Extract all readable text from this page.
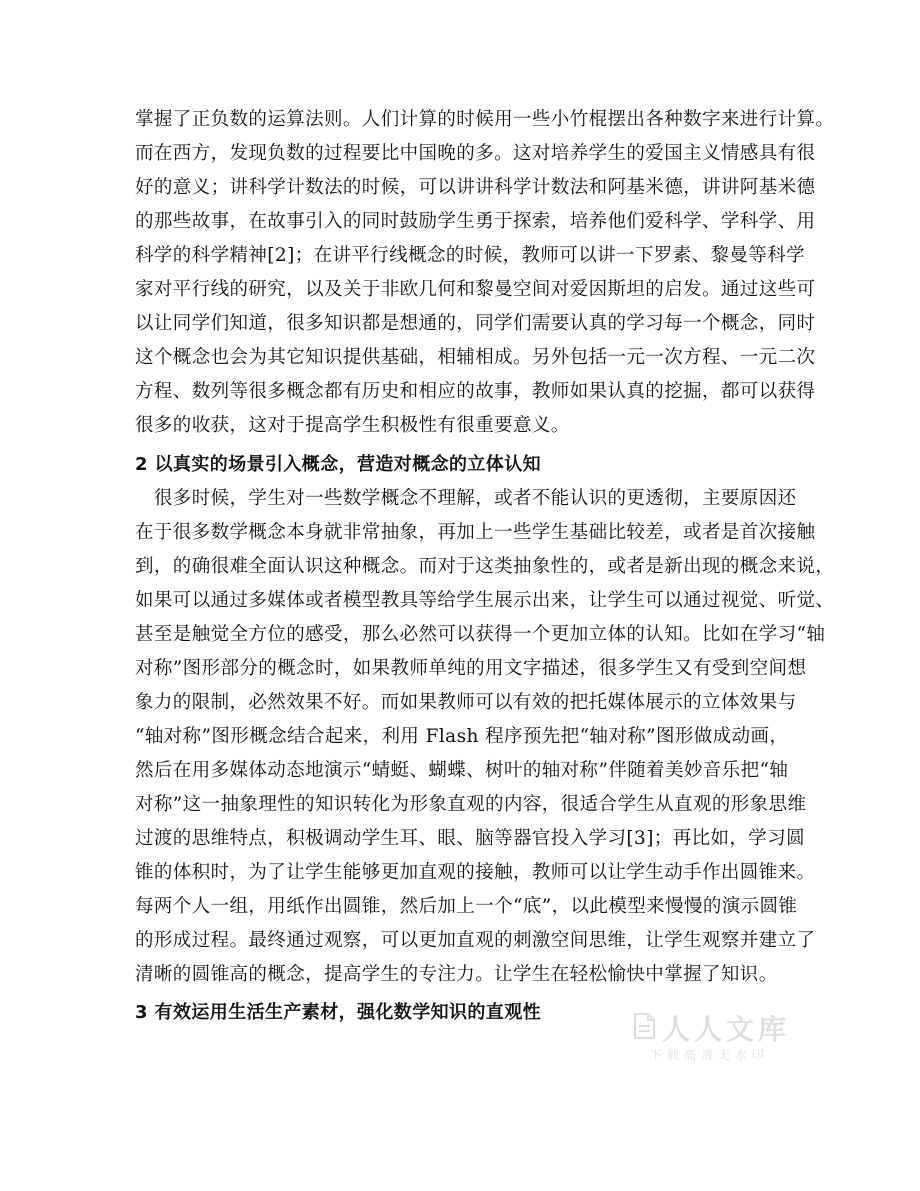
掌握了正负数的运算法则。人们计算的时候用一些小竹棍摆出各种数字来进行计算。
而在西方，发现负数的过程要比中国晚的多。这对培养学生的爱国主义情感具有很
好的意义；讲科学计数法的时候，可以讲讲科学计数法和阿基米德，讲讲阿基米德
的那些故事，在故事引入的同时鼓励学生勇于探索，培养他们爱科学、学科学、用
科学的科学精神[2]；在讲平行线概念的时候，教师可以讲一下罗素、黎曼等科学
家对平行线的研究，以及关于非欧几何和黎曼空间对爱因斯坦的启发。通过这些可
以让同学们知道，很多知识都是想通的，同学们需要认真的学习每一个概念，同时
这个概念也会为其它知识提供基础，相辅相成。另外包括一元一次方程、一元二次
方程、数列等很多概念都有历史和相应的故事，教师如果认真的挖掘，都可以获得
很多的收获，这对于提高学生积极性有很重要意义。
2 以真实的场景引入概念，营造对概念的立体认知
　很多时候，学生对一些数学概念不理解，或者不能认识的更透彻，主要原因还
在于很多数学概念本身就非常抽象，再加上一些学生基础比较差，或者是首次接触
到，的确很难全面认识这种概念。而对于这类抽象性的，或者是新出现的概念来说，
如果可以通过多媒体或者模型教具等给学生展示出来，让学生可以通过视觉、听觉、
甚至是触觉全方位的感受，那么必然可以获得一个更加立体的认知。比如在学习“轴
对称”图形部分的概念时，如果教师单纯的用文字描述，很多学生又有受到空间想
象力的限制，必然效果不好。而如果教师可以有效的把托媒体展示的立体效果与
“轴对称”图形概念结合起来，利用 Flash 程序预先把“轴对称”图形做成动画，
然后在用多媒体动态地演示“蜻蜓、蝴蝶、树叶的轴对称”伴随着美妙音乐把“轴
对称”这一抽象理性的知识转化为形象直观的内容，很适合学生从直观的形象思维
过渡的思维特点，积极调动学生耳、眼、脑等器官投入学习[3]；再比如，学习圆
锥的体积时，为了让学生能够更加直观的接触，教师可以让学生动手作出圆锥来。
每两个人一组，用纸作出圆锥，然后加上一个“底”，以此模型来慢慢的演示圆锥
的形成过程。最终通过观察，可以更加直观的刺激空间思维，让学生观察并建立了
清晰的圆锥高的概念，提高学生的专注力。让学生在轻松愉快中掌握了知识。
3 有效运用生活生产素材，强化数学知识的直观性
人人文库
下载高清无水印
